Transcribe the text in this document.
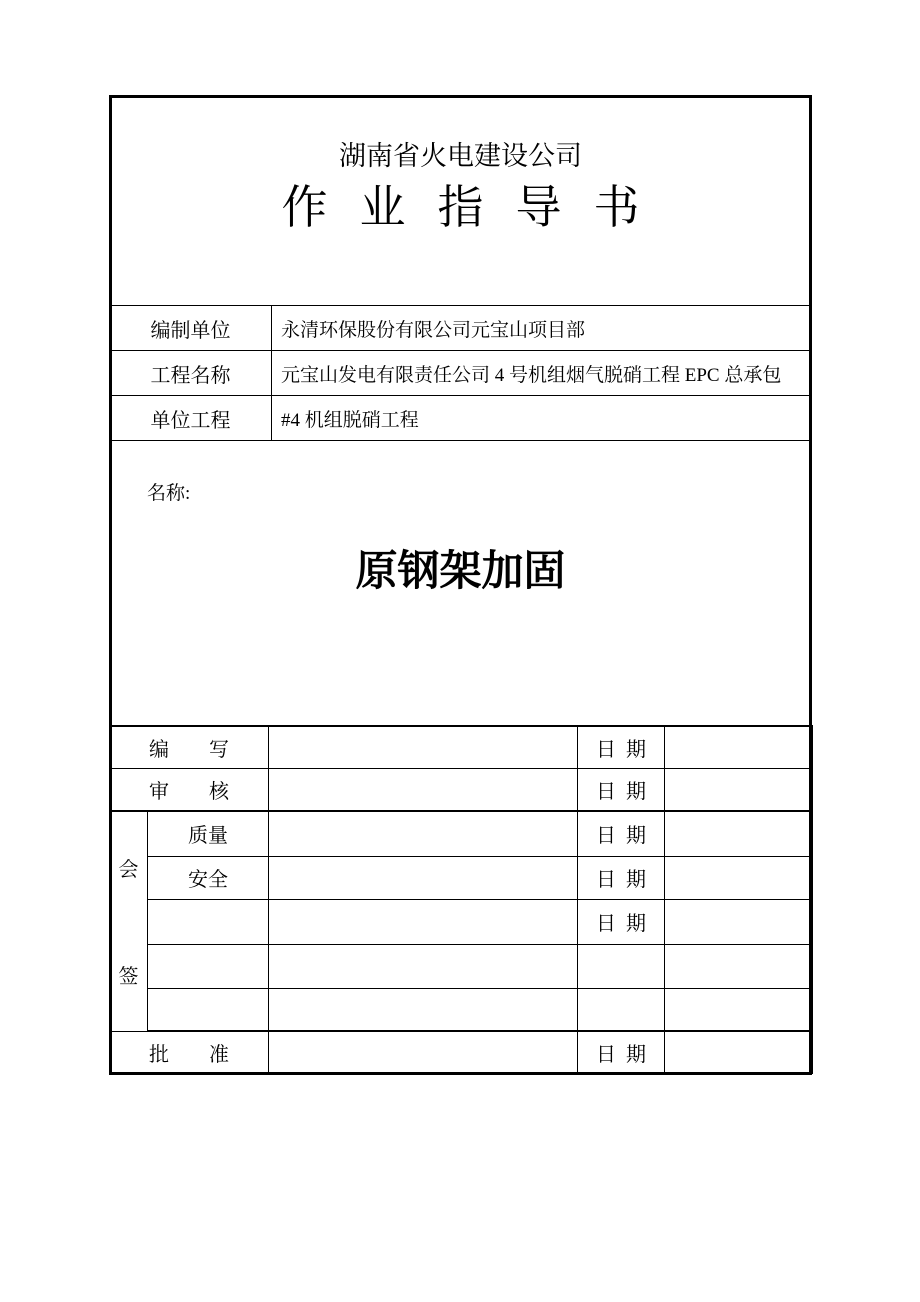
湖南省火电建设公司
作业指导书
编制单位	永清环保股份有限公司元宝山项目部
工程名称	元宝山发电有限责任公司 4 号机组烟气脱硝工程 EPC 总承包
单位工程	#4 机组脱硝工程
名称:
原钢架加固
编　　写			日  期	
审　　核			日  期	

会
签	质量		日  期	
	安全		日  期	
			日  期	

批　　准			日  期	
